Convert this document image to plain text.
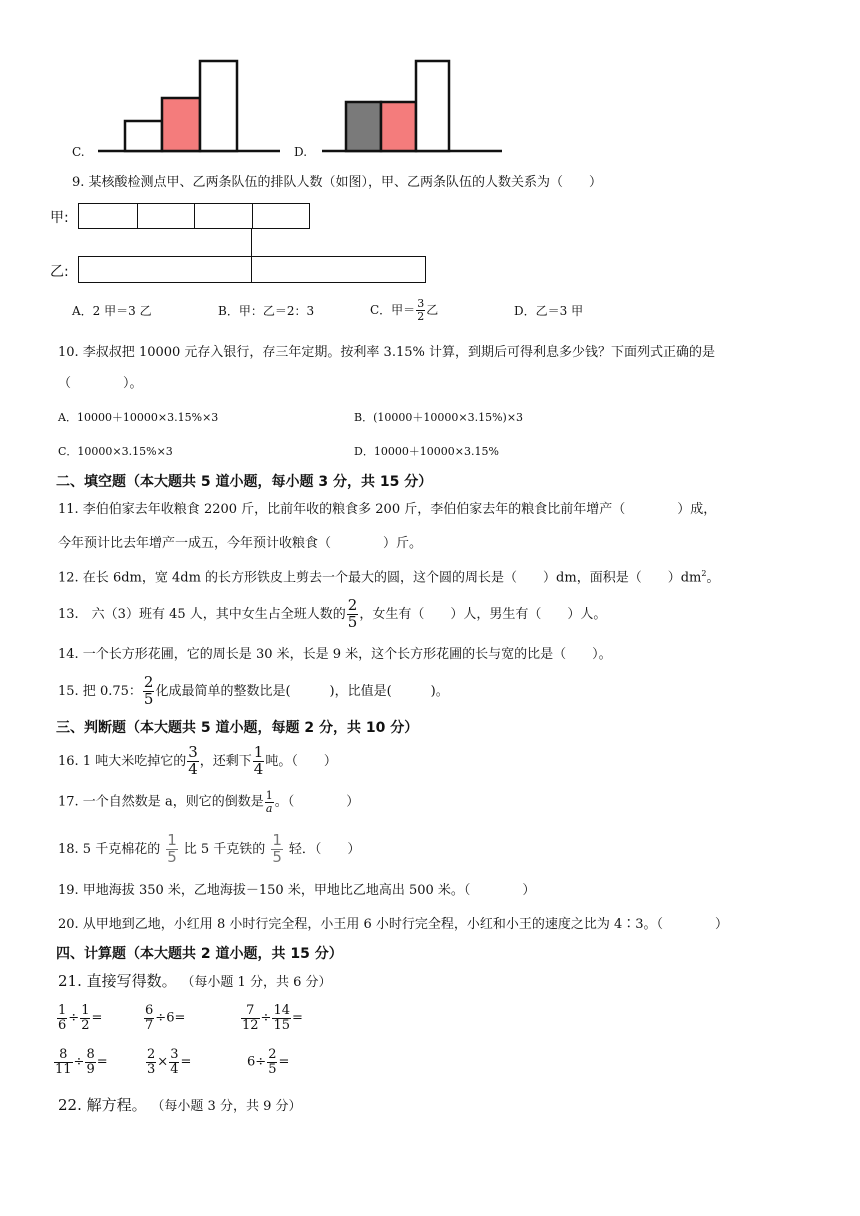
C.	D.
9. 某核酸检测点甲、乙两条队伍的排队人数（如图），甲、乙两条队伍的人数关系为（　　）
甲:
乙:
A．2 甲＝3 乙	B．甲：乙＝2：3	C．甲＝ $\frac{3}{2}$ 乙	D．乙＝3 甲
10. 李叔叔把 10000 元存入银行，存三年定期。按利率 3.15% 计算，到期后可得利息多少钱？下面列式正确的是
（　　　　）。
A．10000＋10000×3.15%×3	B．(10000＋10000×3.15%)×3
C．10000×3.15%×3	D．10000＋10000×3.15%
二、填空题（本大题共 5 道小题，每小题 3 分，共 15 分）
11. 李伯伯家去年收粮食 2200 斤，比前年收的粮食多 200 斤，李伯伯家去年的粮食比前年增产（　　　　）成，
今年预计比去年增产一成五，今年预计收粮食（　　　　）斤。
12. 在长 6dm，宽 4dm 的长方形铁皮上剪去一个最大的圆，这个圆的周长是（　　）dm，面积是（　　）$dm^2$。
13.　六（3）班有 45 人，其中女生占全班人数的 $\frac{2}{5}$ ，女生有（　　）人，男生有（　　）人。
14. 一个长方形花圃，它的周长是 30 米，长是 9 米，这个长方形花圃的长与宽的比是（　　）。
15. 把 0.75： $\frac{2}{5}$ 化成最简单的整数比是(　　　)，比值是(　　　)。
三、判断题（本大题共 5 道小题，每题 2 分，共 10 分）
16. 1 吨大米吃掉它的 $\frac{3}{4}$ ，还剩下 $\frac{1}{4}$ 吨。（　　）
17. 一个自然数是 a，则它的倒数是 $\frac{1}{a}$ 。（　　　　）
18. 5 千克棉花的 $\frac{1}{5}$ 比 5 千克铁的 $\frac{1}{5}$ 轻．（　　）
19. 甲地海拔 350 米，乙地海拔－150 米，甲地比乙地高出 500 米。（　　　　）
20. 从甲地到乙地，小红用 8 小时行完全程，小王用 6 小时行完全程，小红和小王的速度之比为 4∶3。（　　　　）
四、计算题（本大题共 2 道小题，共 15 分）
21. 直接写得数。 （每小题 1 分，共 6 分）
$\frac{1}{6} \div \frac{1}{2}$ =	$\frac{6}{7} \div 6=$	$\frac{7}{12} \div \frac{14}{15}$ =
$\frac{8}{11} \div \frac{8}{9}$ =	$\frac{2}{3} \times \frac{3}{4}$ =	$6\div \frac{2}{5}$ =
22. 解方程。 （每小题 3 分，共 9 分）
